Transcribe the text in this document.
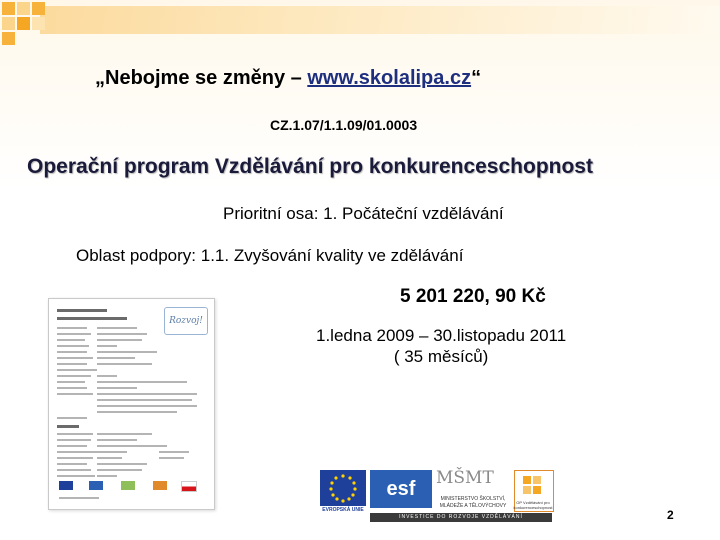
„Nebojme se změny – www.skolalipa.cz“
CZ.1.07/1.1.09/01.0003
Operační program Vzdělávání pro konkurenceschopnost
Prioritní osa: 1. Počáteční vzdělávání
Oblast podpory: 1.1. Zvyšování kvality ve zdělávání
5 201 220, 90 Kč
1.ledna 2009 – 30.listopadu 2011
( 35 měsíců)
Rozvoj!
EVROPSKÁ UNIE
esf	MŠMT
MINISTERSTVO ŠKOLSTVÍ, MLÁDEŽE A TĚLOVÝCHOVY
OP Vzdělávání pro konkurenceschopnost
INVESTICE DO ROZVOJE VZDĚLÁVÁNÍ	2
